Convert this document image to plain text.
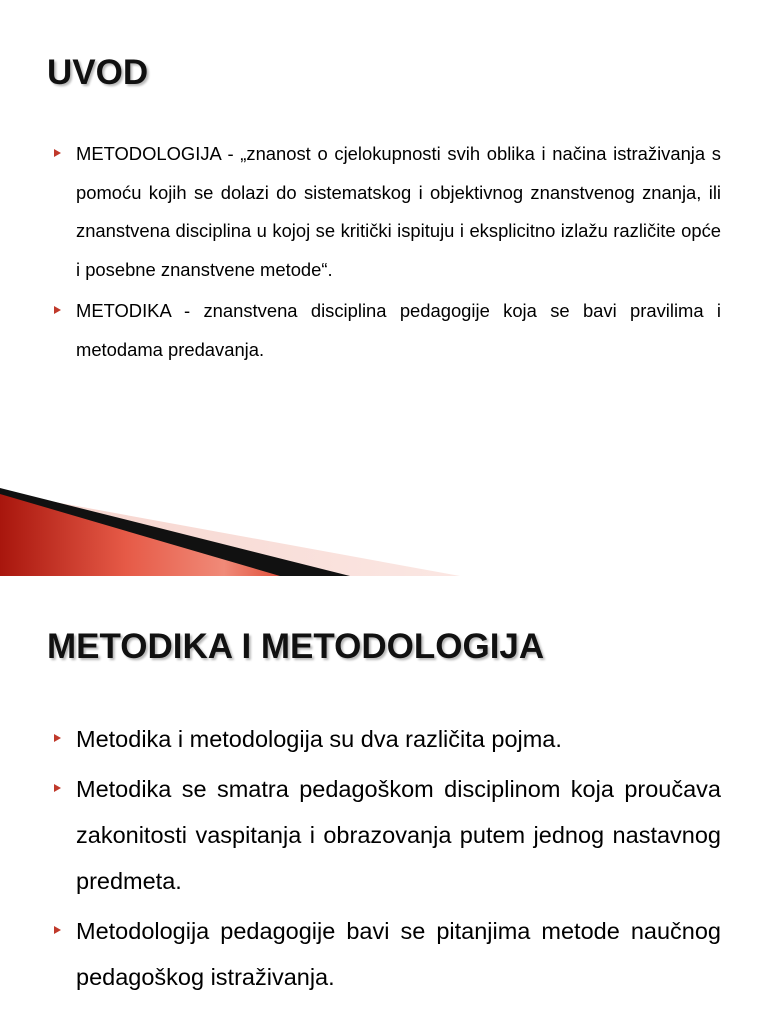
UVOD
METODOLOGIJA - „znanost o cjelokupnosti svih oblika i načina istraživanja s pomoću kojih se dolazi do sistematskog i objektivnog znanstvenog znanja, ili znanstvena disciplina u kojoj se kritički ispituju i eksplicitno izlažu različite opće i posebne znanstvene metode“.
METODIKA - znanstvena disciplina pedagogije koja se bavi pravilima i metodama predavanja.
METODIKA I METODOLOGIJA
Metodika i metodologija su dva različita pojma.
Metodika se smatra pedagoškom disciplinom koja proučava zakonitosti vaspitanja i obrazovanja putem jednog nastavnog predmeta.
Metodologija pedagogije bavi se pitanjima metode naučnog pedagoškog istraživanja.
